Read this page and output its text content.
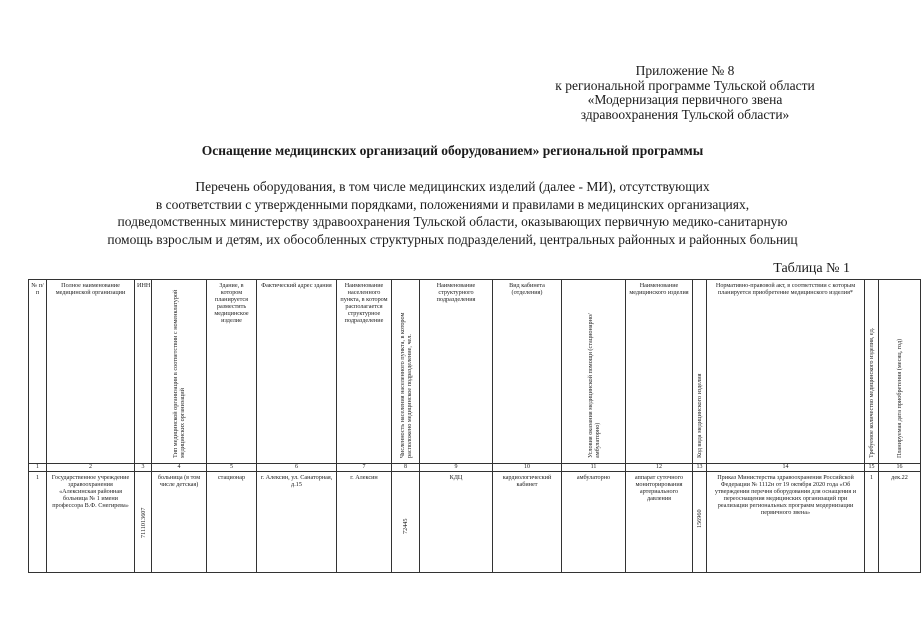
Приложение № 8
к региональной программе Тульской области
«Модернизация первичного звена
здравоохранения Тульской области»
Оснащение медицинских организаций оборудованием» региональной программы
Перечень оборудования, в том числе медицинских изделий (далее - МИ), отсутствующих
в соответствии с утвержденными порядками, положениями и правилами в медицинских организациях,
подведомственных министерству здравоохранения Тульской области, оказывающих первичную медико-санитарную
помощь взрослым и детям, их обособленных структурных подразделений, центральных районных и районных больниц
Таблица № 1
№ п/п	Полное наименование медицинской организации	ИНН	Тип медицинской организации в соответствии с номенклатурой медицинских организаций	Здание, в котором планируется разместить медицинское изделие	Фактический адрес здания	Наименование населенного пункта, в котором располагается структурное подразделение	Численность населения населенного пункта, в котором расположено медицинское подразделение, чел.	Наименование структурного подразделения	Вид кабинета (отделения)	Условия оказания медицинской помощи (стационарно/ амбулаторно)	Наименование медицинского изделия	Код вида медицинского изделия	Нормативно-правовой акт, в соответствии с которым планируется приобретение медицинского изделия*	Требуемое количество медицинского изделия, ед.	Планируемая дата приобретения (месяц, год)

1	2	3	4	5	6	7	8	9	10	11	12	13	14	15	16
1	Государственное учреждение здравоохранения «Алексинская районная больница № 1 имени профессора В.Ф. Снегирева»	7111013607	больница (в том числе детская)	стационар	г. Алексин, ул. Санаторная, д.15	г. Алексин	72445	КДЦ	кардиологический кабинет	амбулаторно	аппарат суточного мониторирования артериального давления	156960	Приказ Министерства здравоохранения Российской Федерации № 1112н от 19 октября 2020 года «Об утверждении перечня оборудования для оснащения и переоснащения медицинских организаций при реализации региональных программ модернизации первичного звена»	1	дек.22
